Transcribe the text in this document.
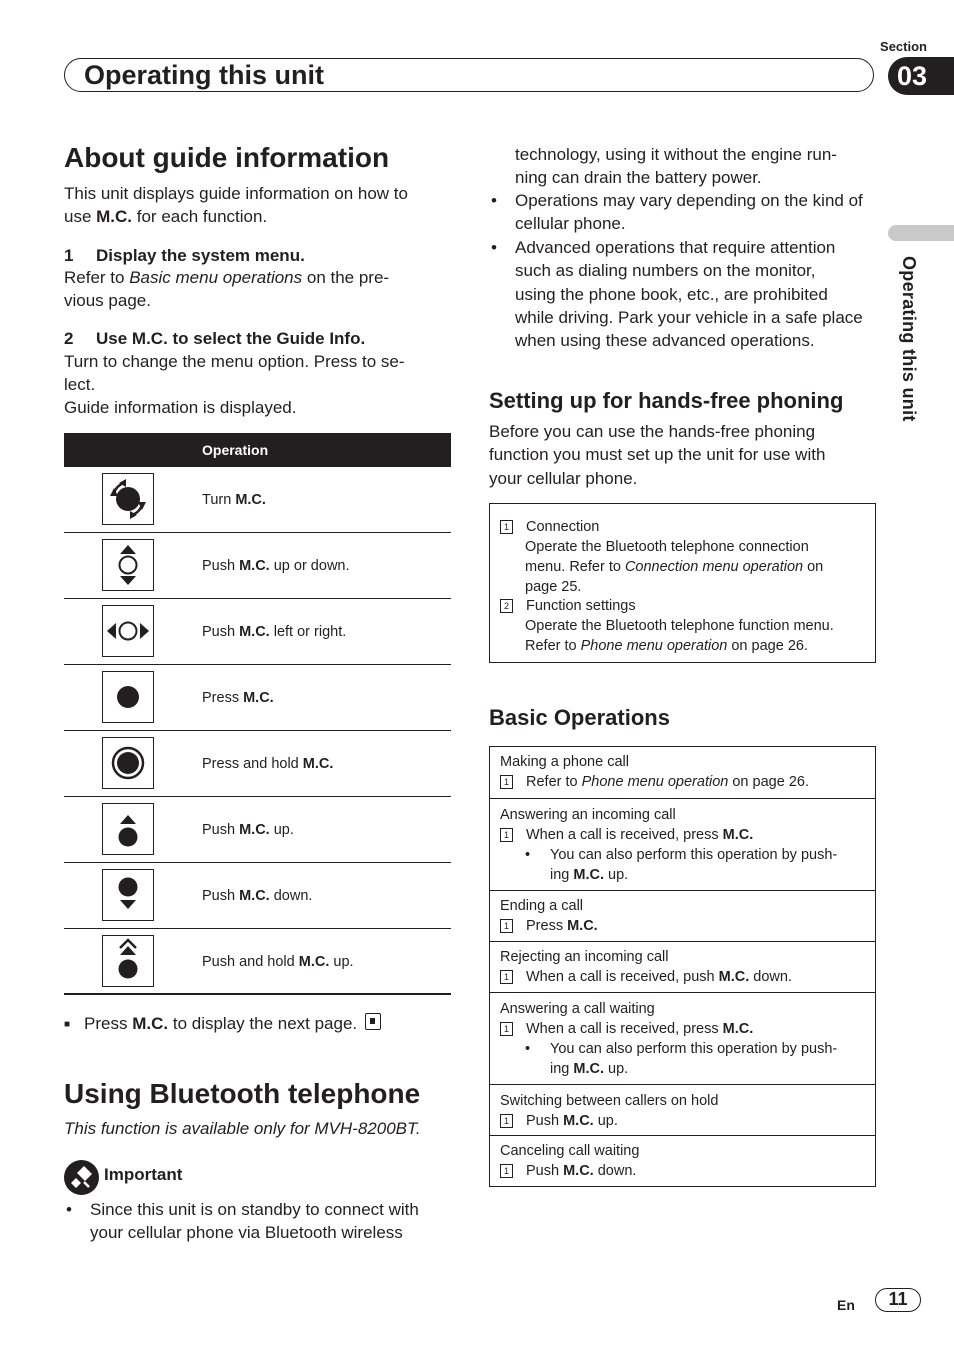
Section
Operating this unit	03
Operating this unit
About guide information
This unit displays guide information on how to
use M.C. for each function.
1 Display the system menu.
Refer to Basic menu operations on the pre-
vious page.
2 Use M.C. to select the Guide Info.
Turn to change the menu option. Press to se-
lect.
Guide information is displayed.
Operation
Turn M.C.
Push M.C. up or down.
Push M.C. left or right.
Press M.C.
Press and hold M.C.
Push M.C. up.
Push M.C. down.
Push and hold M.C. up.
■ Press M.C. to display the next page.
Using Bluetooth telephone
This function is available only for MVH-8200BT.
Important
• Since this unit is on standby to connect with
your cellular phone via Bluetooth wireless
technology, using it without the engine run-
ning can drain the battery power.
• Operations may vary depending on the kind of
cellular phone.
• Advanced operations that require attention
such as dialing numbers on the monitor,
using the phone book, etc., are prohibited
while driving. Park your vehicle in a safe place
when using these advanced operations.
Setting up for hands-free phoning
Before you can use the hands-free phoning
function you must set up the unit for use with
your cellular phone.
1 Connection
Operate the Bluetooth telephone connection
menu. Refer to Connection menu operation on
page 25.
2 Function settings
Operate the Bluetooth telephone function menu.
Refer to Phone menu operation on page 26.
Basic Operations
Making a phone call
1 Refer to Phone menu operation on page 26.
Answering an incoming call
1 When a call is received, press M.C.
• You can also perform this operation by push-
ing M.C. up.
Ending a call
1 Press M.C.
Rejecting an incoming call
1 When a call is received, push M.C. down.
Answering a call waiting
1 When a call is received, press M.C.
• You can also perform this operation by push-
ing M.C. up.
Switching between callers on hold
1 Push M.C. up.
Canceling call waiting
1 Push M.C. down.
En	11
